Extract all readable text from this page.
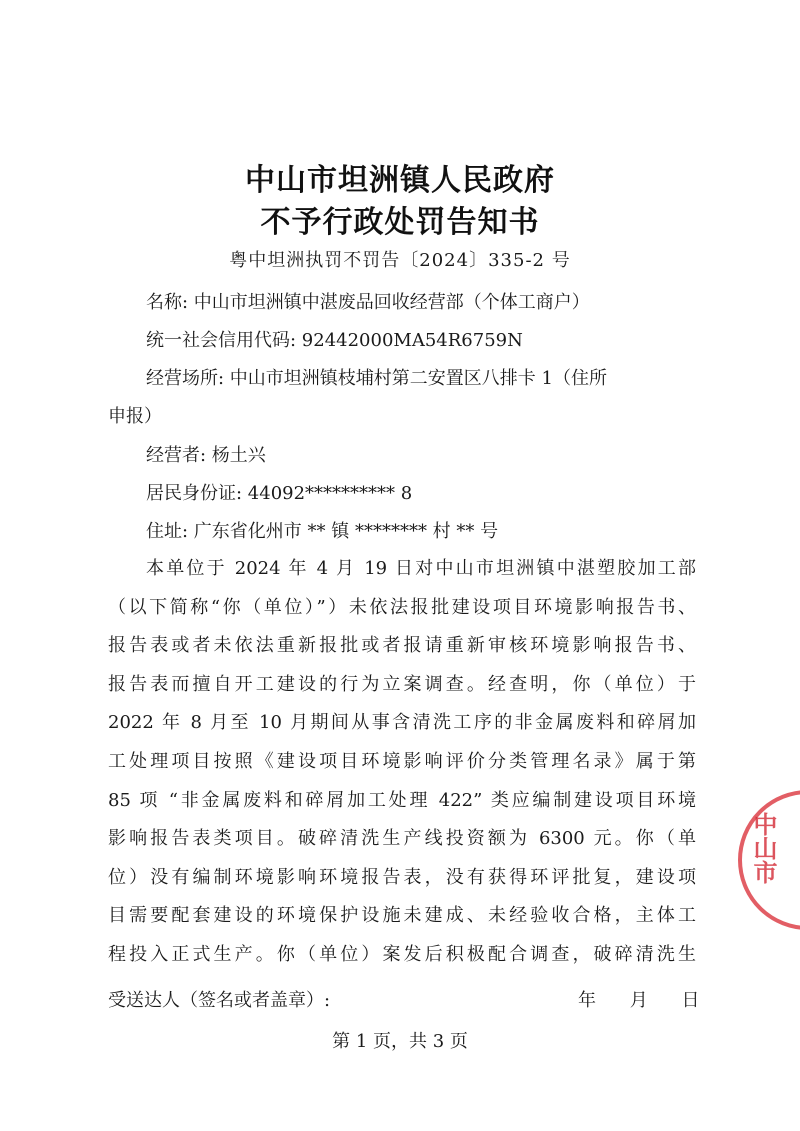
中山市坦洲镇人民政府
不予行政处罚告知书
粤中坦洲执罚不罚告〔2024〕335-2 号
名称: 中山市坦洲镇中湛废品回收经营部（个体工商户）
统一社会信用代码: 92442000MA54R6759N
经营场所: 中山市坦洲镇枝埔村第二安置区八排卡 1（住所
申报）
经营者: 杨土兴
居民身份证: 44092********** 8
住址: 广东省化州市 ** 镇 ******** 村 ** 号
本单位于 2024 年 4 月 19 日对中山市坦洲镇中湛塑胶加工部
（以下简称“你（单位）”）未依法报批建设项目环境影响报告书、
报告表或者未依法重新报批或者报请重新审核环境影响报告书、
报告表而擅自开工建设的行为立案调查。经查明，你（单位）于
2022 年 8 月至 10 月期间从事含清洗工序的非金属废料和碎屑加
工处理项目按照《建设项目环境影响评价分类管理名录》属于第
85 项 “非金属废料和碎屑加工处理 422” 类应编制建设项目环境
影响报告表类项目。破碎清洗生产线投资额为 6300 元。你（单
位）没有编制环境影响环境报告表，没有获得环评批复，建设项
目需要配套建设的环境保护设施未建成、未经验收合格，主体工
程投入正式生产。你（单位）案发后积极配合调查，破碎清洗生
受送达人（签名或者盖章）:	年 月 日
第 1 页，共 3 页
中山市
